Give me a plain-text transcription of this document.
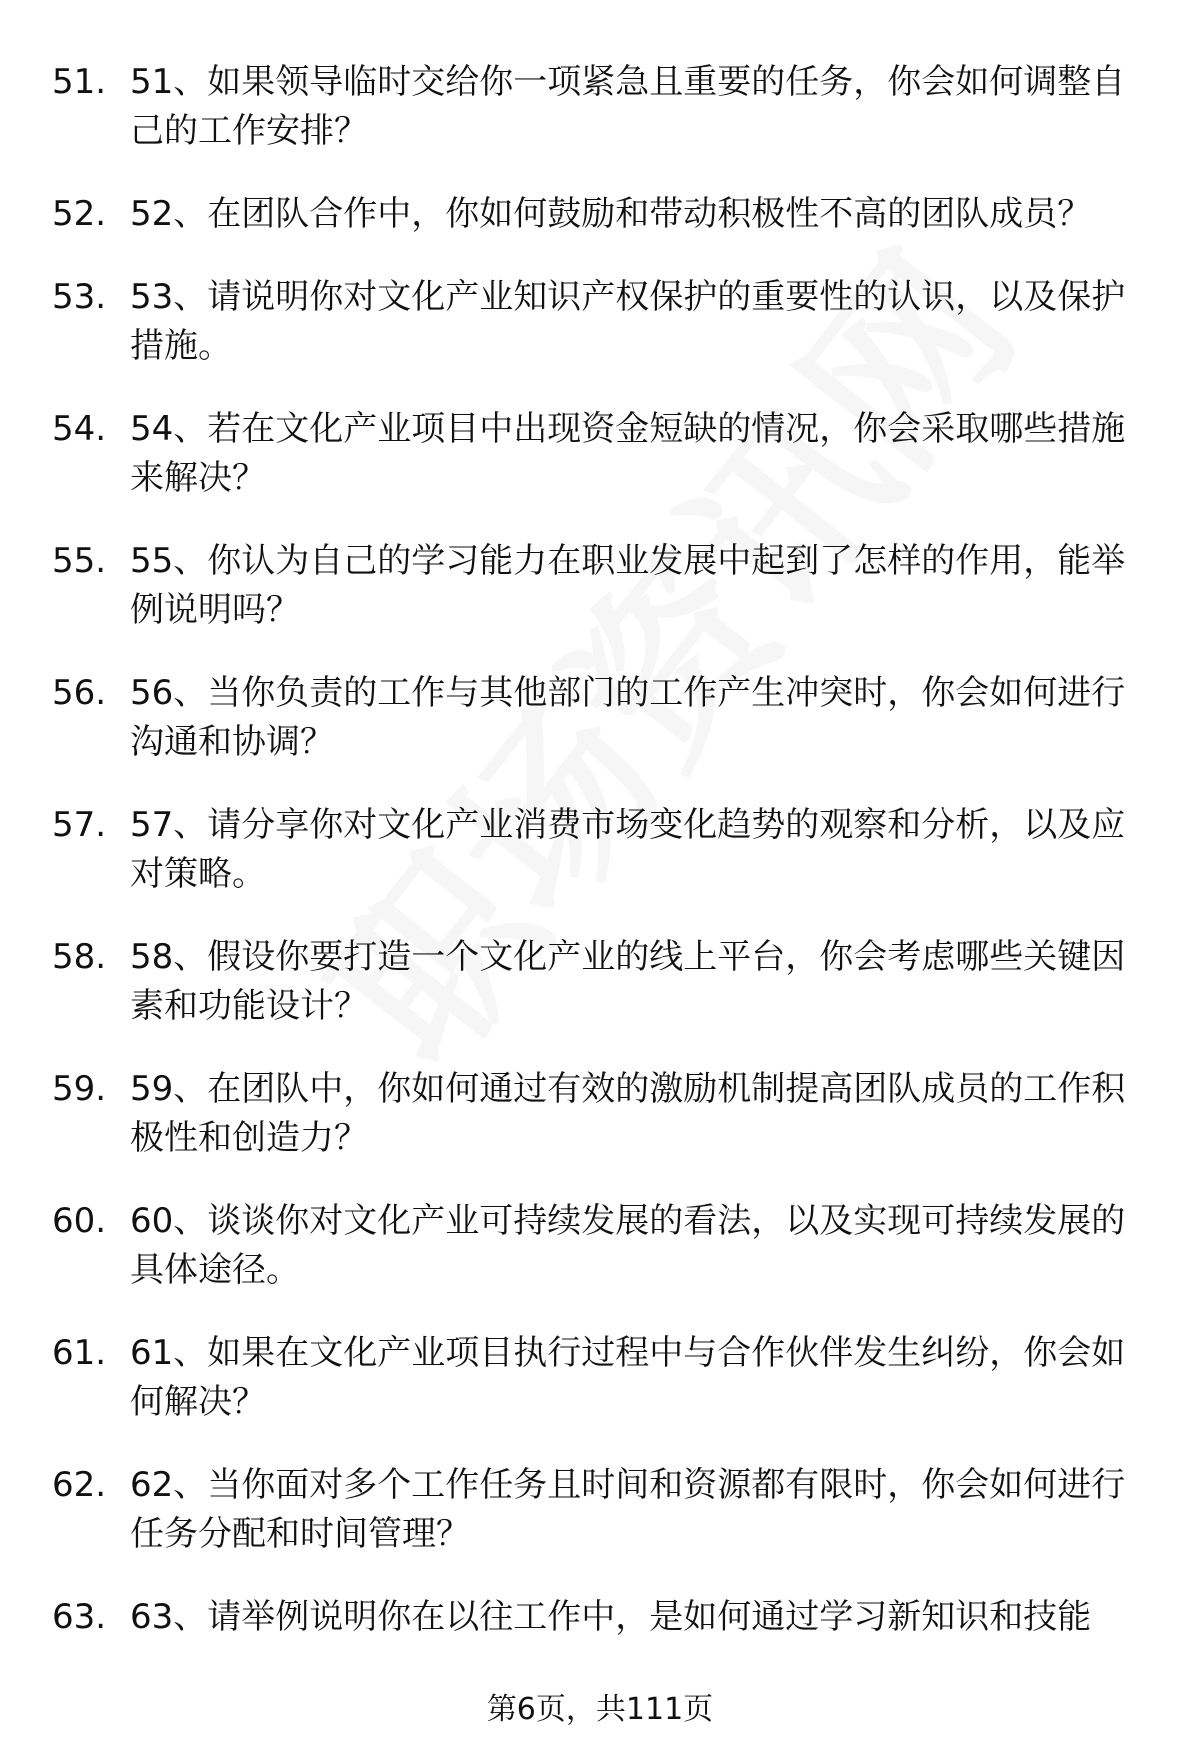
51. 51、如果领导临时交给你一项紧急且重要的任务，你会如何调整自己的工作安排？
52. 52、在团队合作中，你如何鼓励和带动积极性不高的团队成员？
53. 53、请说明你对文化产业知识产权保护的重要性的认识，以及保护措施。
54. 54、若在文化产业项目中出现资金短缺的情况，你会采取哪些措施来解决？
55. 55、你认为自己的学习能力在职业发展中起到了怎样的作用，能举例说明吗？
56. 56、当你负责的工作与其他部门的工作产生冲突时，你会如何进行沟通和协调？
57. 57、请分享你对文化产业消费市场变化趋势的观察和分析，以及应对策略。
58. 58、假设你要打造一个文化产业的线上平台，你会考虑哪些关键因素和功能设计？
59. 59、在团队中，你如何通过有效的激励机制提高团队成员的工作积极性和创造力？
60. 60、谈谈你对文化产业可持续发展的看法，以及实现可持续发展的具体途径。
61. 61、如果在文化产业项目执行过程中与合作伙伴发生纠纷，你会如何解决？
62. 62、当你面对多个工作任务且时间和资源都有限时，你会如何进行任务分配和时间管理？
63. 63、请举例说明你在以往工作中，是如何通过学习新知识和技能
第6页，共111页
